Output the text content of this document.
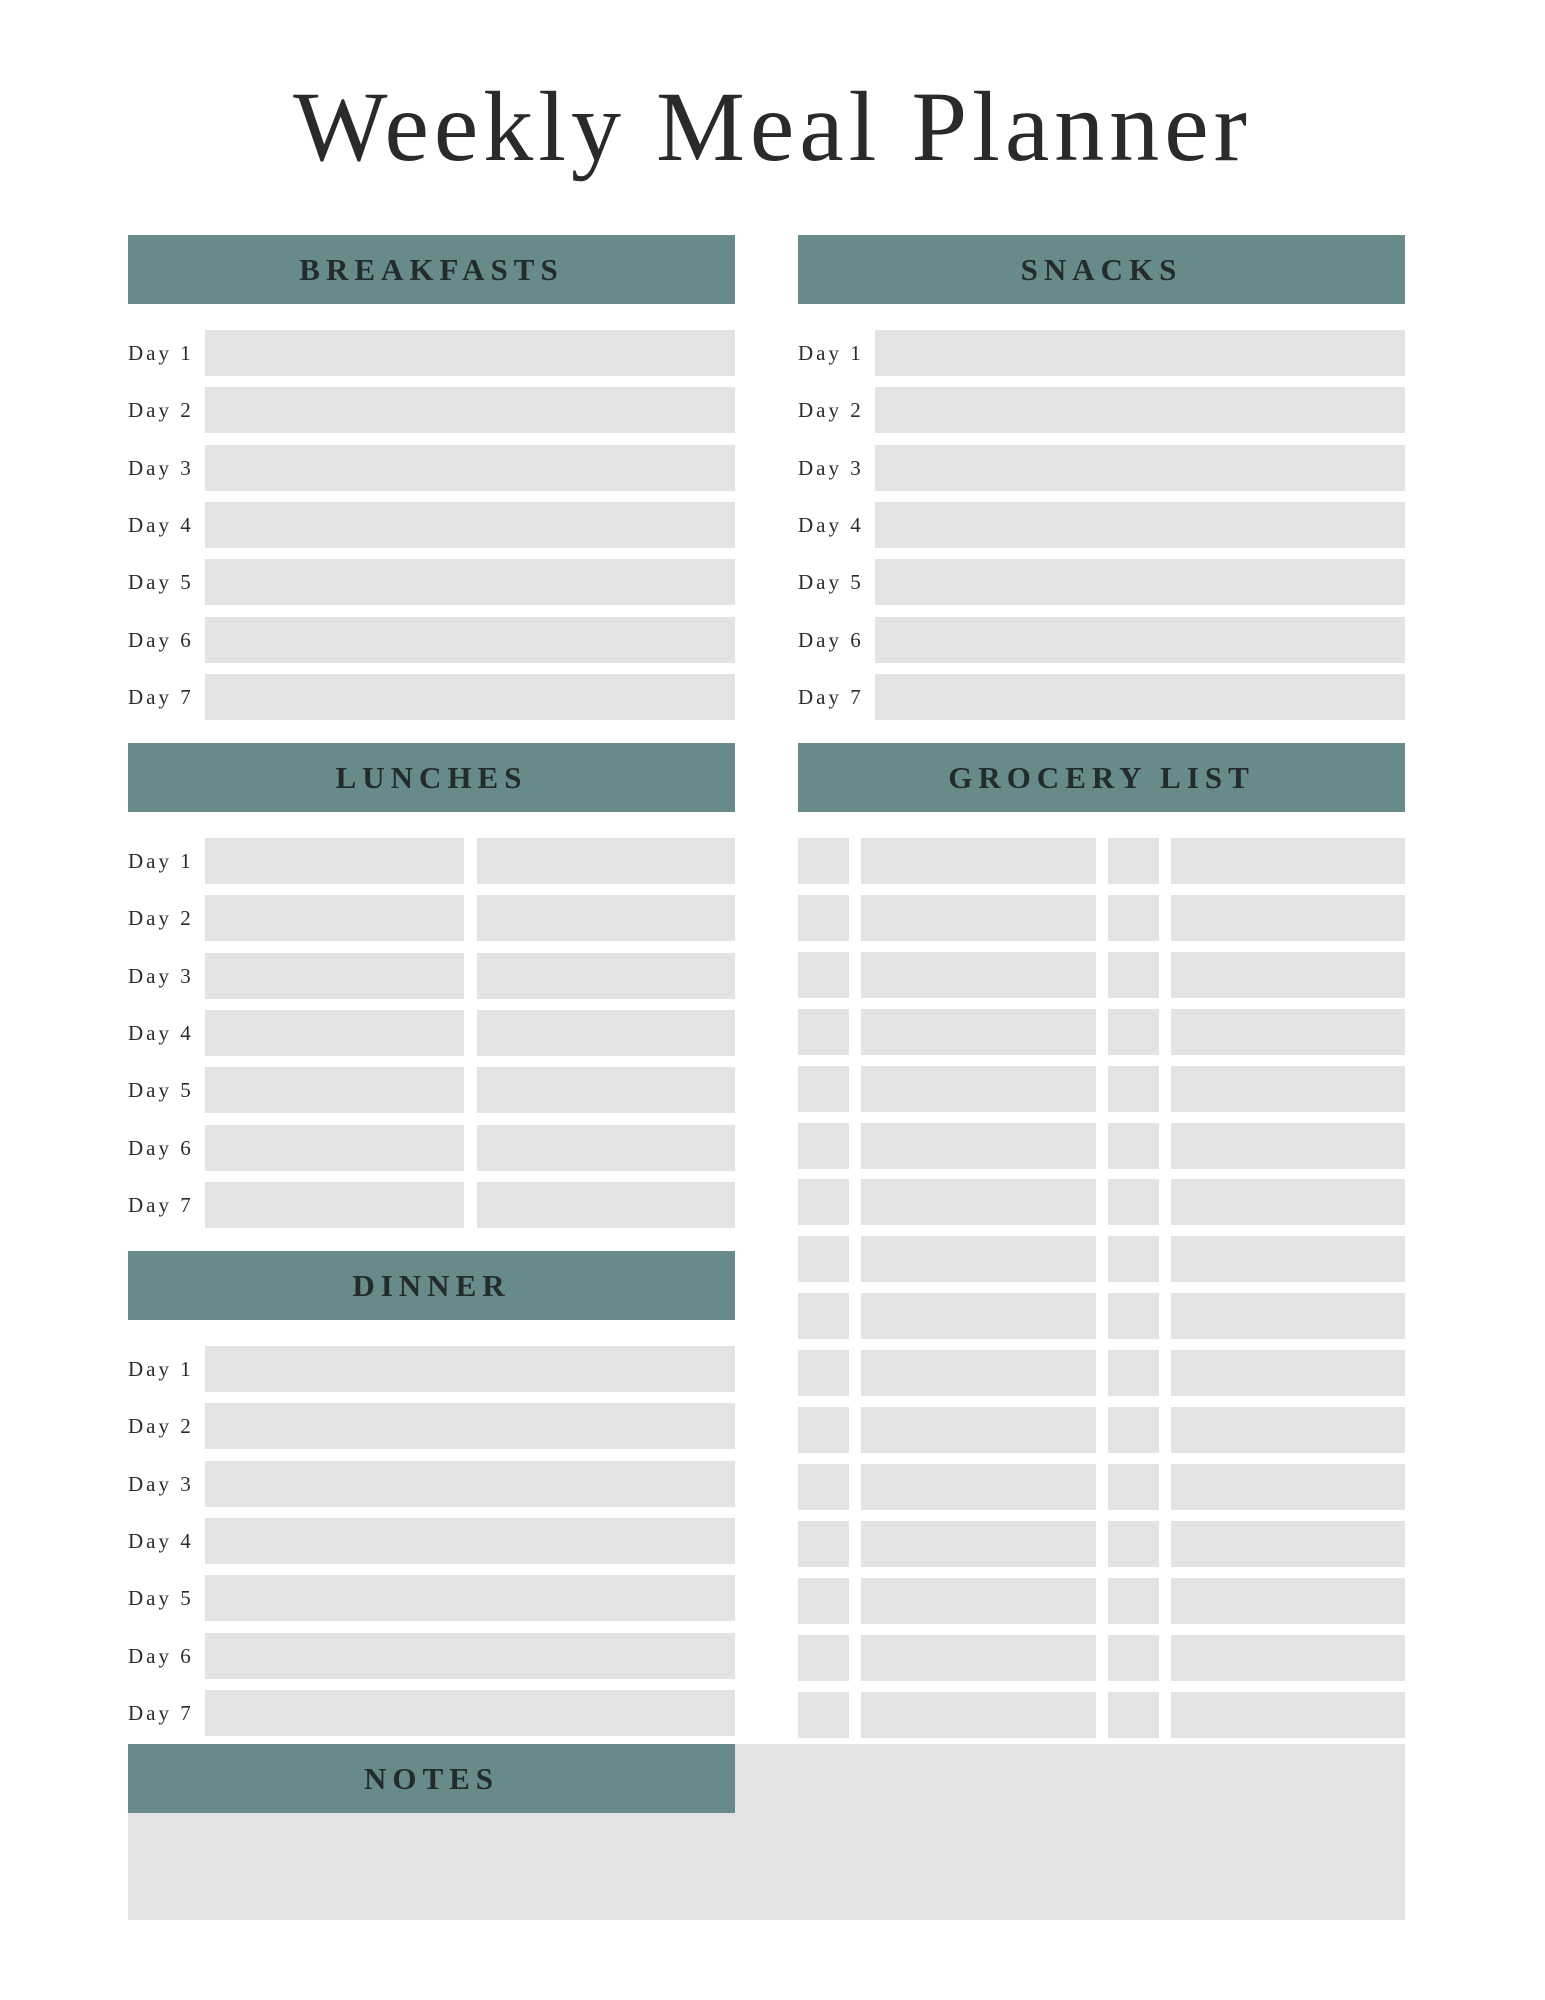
Weekly Meal Planner
BREAKFASTS	SNACKS
LUNCHES	GROCERY LIST
DINNER
NOTES
Day 1
Day 2
Day 3
Day 4
Day 5
Day 6
Day 7
Day 1
Day 2
Day 3
Day 4
Day 5
Day 6
Day 7
Day 1
Day 2
Day 3
Day 4
Day 5
Day 6
Day 7
Day 1
Day 2
Day 3
Day 4
Day 5
Day 6
Day 7
